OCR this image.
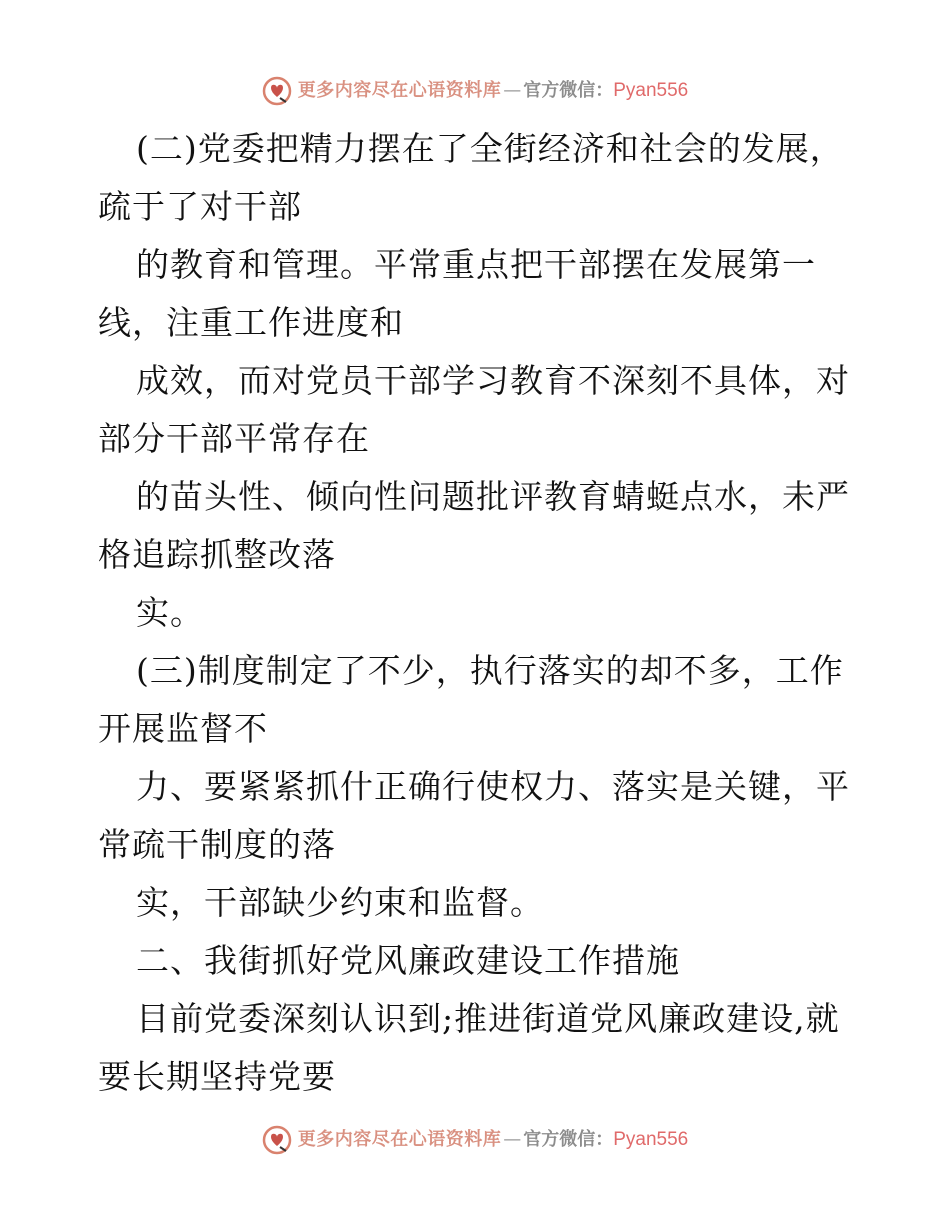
更多内容尽在心语资料库 — 官方微信： Pyan556
(二)党委把精力摆在了全街经济和社会的发展，
疏于了对干部
的教育和管理。平常重点把干部摆在发展第一
线，注重工作进度和
成效，而对党员干部学习教育不深刻不具体，对
部分干部平常存在
的苗头性、倾向性问题批评教育蜻蜓点水，未严
格追踪抓整改落
实。
(三)制度制定了不少，执行落实的却不多，工作
开展监督不
力、要紧紧抓什正确行使权力、落实是关键，平
常疏干制度的落
实，干部缺少约束和监督。
二、我街抓好党风廉政建设工作措施
目前党委深刻认识到;推进街道党风廉政建设,就
要长期坚持党要
更多内容尽在心语资料库 — 官方微信： Pyan556
